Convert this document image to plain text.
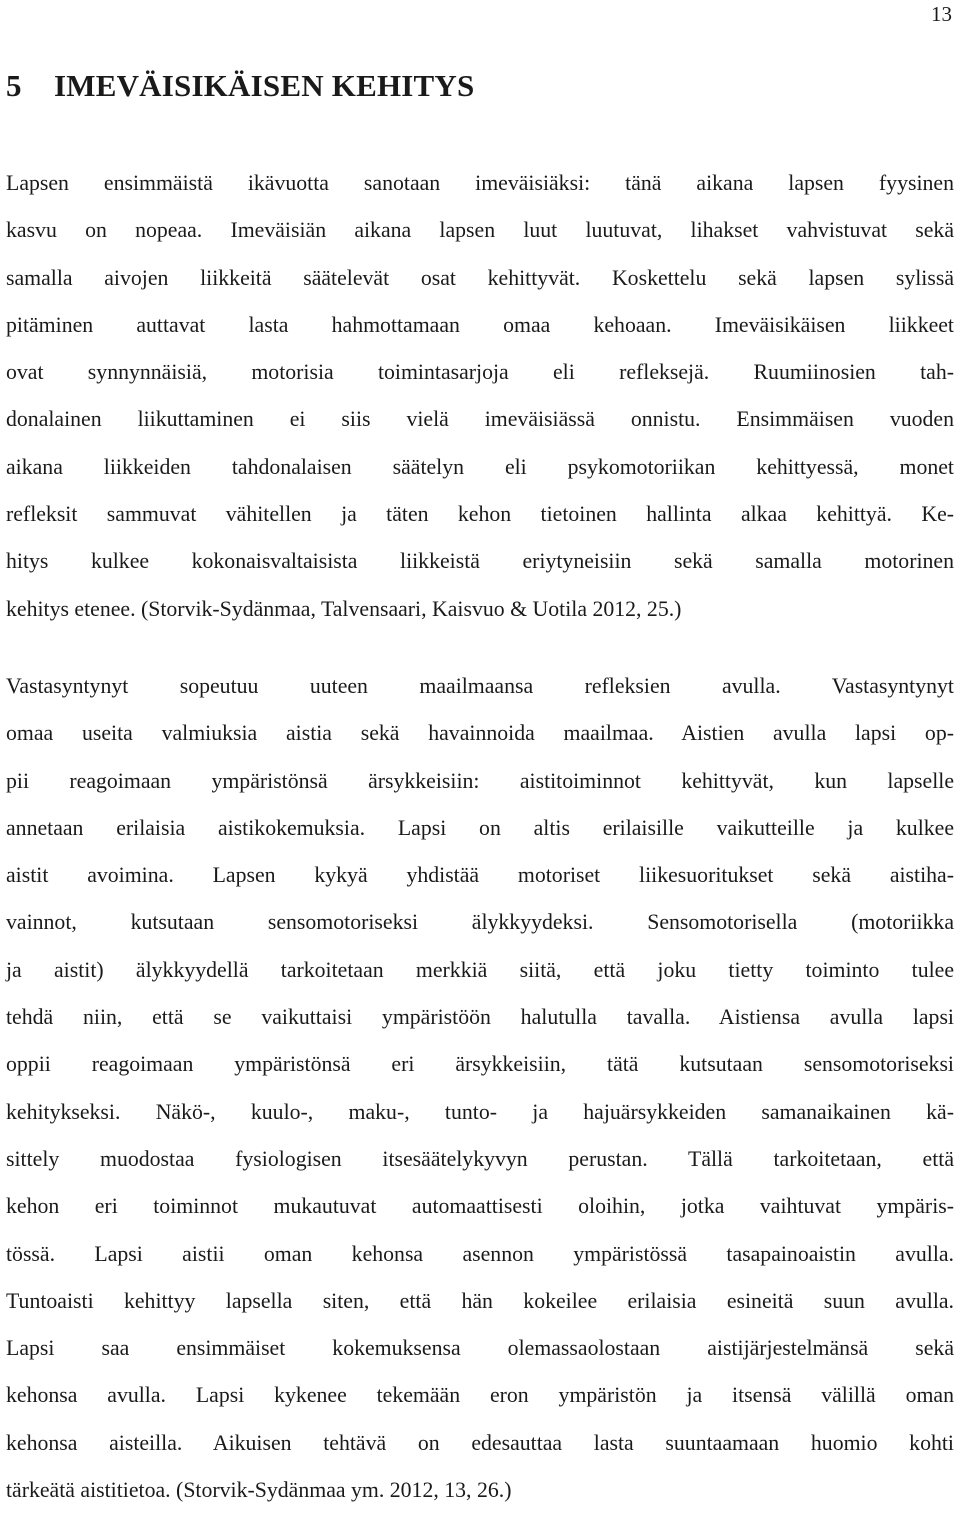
13
5 IMEVÄISIKÄISEN KEHITYS

Lapsen ensimmäistä ikävuotta sanotaan imeväisiäksi: tänä aikana lapsen fyysinen
kasvu on nopeaa. Imeväisiän aikana lapsen luut luutuvat, lihakset vahvistuvat sekä
samalla aivojen liikkeitä säätelevät osat kehittyvät. Koskettelu sekä lapsen sylissä
pitäminen auttavat lasta hahmottamaan omaa kehoaan. Imeväisikäisen liikkeet
ovat synnynnäisiä, motorisia toimintasarjoja eli refleksejä. Ruumiinosien tah-
donalainen liikuttaminen ei siis vielä imeväisiässä onnistu. Ensimmäisen vuoden
aikana liikkeiden tahdonalaisen säätelyn eli psykomotoriikan kehittyessä, monet
refleksit sammuvat vähitellen ja täten kehon tietoinen hallinta alkaa kehittyä. Ke-
hitys kulkee kokonaisvaltaisista liikkeistä eriytyneisiin sekä samalla motorinen
kehitys etenee. (Storvik-Sydänmaa, Talvensaari, Kaisvuo & Uotila 2012, 25.)

Vastasyntynyt sopeutuu uuteen maailmaansa refleksien avulla. Vastasyntynyt
omaa useita valmiuksia aistia sekä havainnoida maailmaa. Aistien avulla lapsi op-
pii reagoimaan ympäristönsä ärsykkeisiin: aistitoiminnot kehittyvät, kun lapselle
annetaan erilaisia aistikokemuksia. Lapsi on altis erilaisille vaikutteille ja kulkee
aistit avoimina. Lapsen kykyä yhdistää motoriset liikesuoritukset sekä aistiha-
vainnot, kutsutaan sensomotoriseksi älykkyydeksi. Sensomotorisella (motoriikka
ja aistit) älykkyydellä tarkoitetaan merkkiä siitä, että joku tietty toiminto tulee
tehdä niin, että se vaikuttaisi ympäristöön halutulla tavalla. Aistiensa avulla lapsi
oppii reagoimaan ympäristönsä eri ärsykkeisiin, tätä kutsutaan sensomotoriseksi
kehitykseksi. Näkö-, kuulo-, maku-, tunto- ja hajuärsykkeiden samanaikainen kä-
sittely muodostaa fysiologisen itsesäätelykyvyn perustan. Tällä tarkoitetaan, että
kehon eri toiminnot mukautuvat automaattisesti oloihin, jotka vaihtuvat ympäris-
tössä. Lapsi aistii oman kehonsa asennon ympäristössä tasapainoaistin avulla.
Tuntoaisti kehittyy lapsella siten, että hän kokeilee erilaisia esineitä suun avulla.
Lapsi saa ensimmäiset kokemuksensa olemassaolostaan aistijärjestelmänsä sekä
kehonsa avulla. Lapsi kykenee tekemään eron ympäristön ja itsensä välillä oman
kehonsa aisteilla. Aikuisen tehtävä on edesauttaa lasta suuntaamaan huomio kohti
tärkeätä aistitietoa. (Storvik-Sydänmaa ym. 2012, 13, 26.)
